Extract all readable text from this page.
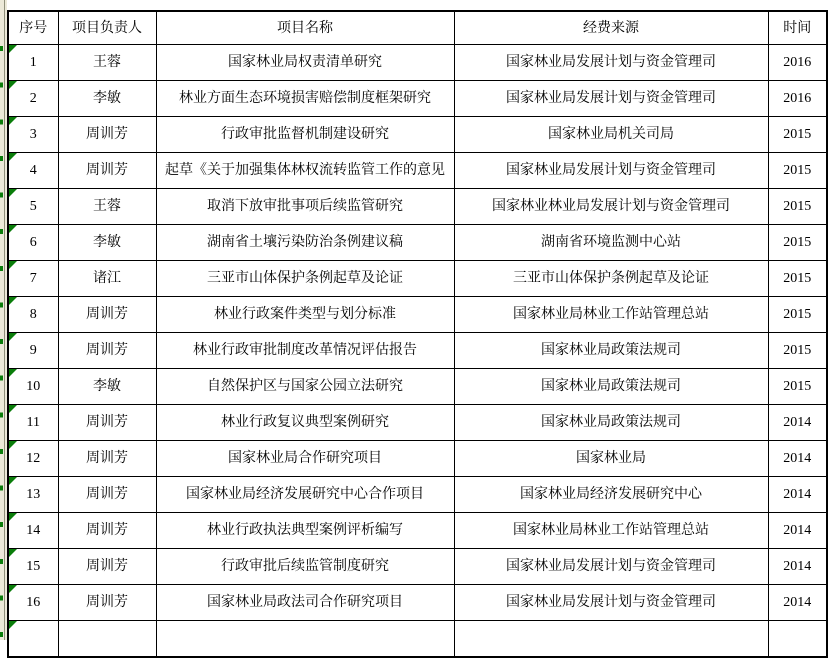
序号	项目负责人	项目名称	经费来源	时间

1	王蓉	国家林业局权责清单研究	国家林业局发展计划与资金管理司	2016

2	李敏	林业方面生态环境损害赔偿制度框架研究	国家林业局发展计划与资金管理司	2016

3	周训芳	行政审批监督机制建设研究	国家林业局机关司局	2015

4	周训芳	起草《关于加强集体林权流转监管工作的意见	国家林业局发展计划与资金管理司	2015

5	王蓉	取消下放审批事项后续监管研究	国家林业林业局发展计划与资金管理司	2015

6	李敏	湖南省土壤污染防治条例建议稿	湖南省环境监测中心站	2015

7	诸江	三亚市山体保护条例起草及论证	三亚市山体保护条例起草及论证	2015

8	周训芳	林业行政案件类型与划分标准	国家林业局林业工作站管理总站	2015

9	周训芳	林业行政审批制度改革情况评估报告	国家林业局政策法规司	2015

10	李敏	自然保护区与国家公园立法研究	国家林业局政策法规司	2015

11	周训芳	林业行政复议典型案例研究	国家林业局政策法规司	2014

12	周训芳	国家林业局合作研究项目	国家林业局	2014

13	周训芳	国家林业局经济发展研究中心合作项目	国家林业局经济发展研究中心	2014

14	周训芳	林业行政执法典型案例评析编写	国家林业局林业工作站管理总站	2014

15	周训芳	行政审批后续监管制度研究	国家林业局发展计划与资金管理司	2014

16	周训芳	国家林业局政法司合作研究项目	国家林业局发展计划与资金管理司	2014
